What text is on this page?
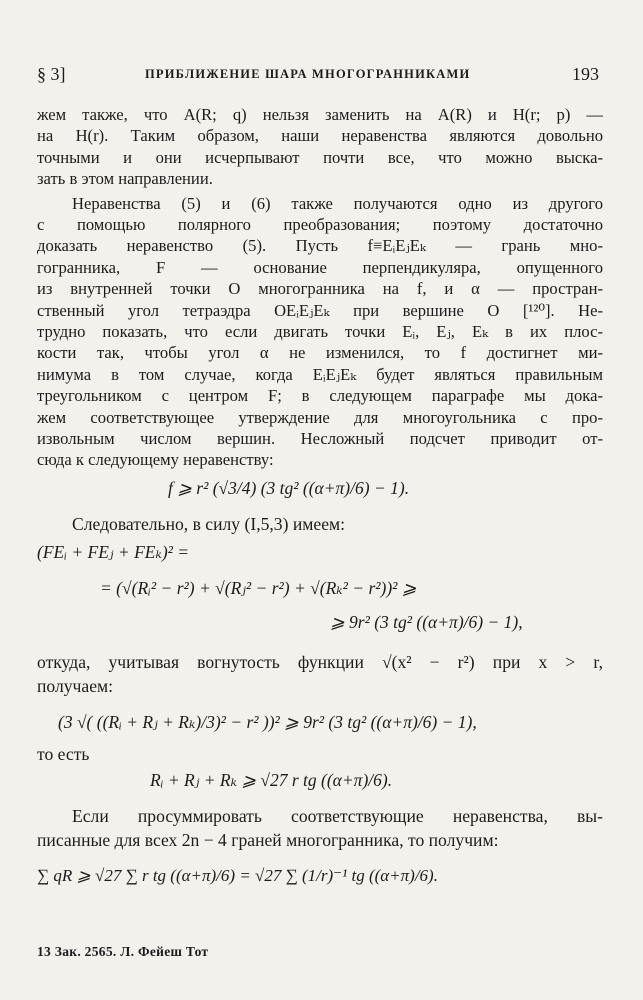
§ 3]	ПРИБЛИЖЕНИЕ ШАРА МНОГОГРАННИКАМИ	193
жем также, что A(R; q) нельзя заменить на A(R) и H(r; p) —
на H(r). Таким образом, наши неравенства являются довольно
точными и они исчерпывают почти все, что можно выска-
зать в этом направлении.
Неравенства (5) и (6) также получаются одно из другого
с помощью полярного преобразования; поэтому достаточно
доказать неравенство (5). Пусть f≡EᵢEⱼEₖ — грань мно-
гогранника, F — основание перпендикуляра, опущенного
из внутренней точки O многогранника на f, и α — простран-
ственный угол тетраэдра OEᵢEⱼEₖ при вершине O [¹²⁰]. Не-
трудно показать, что если двигать точки Eᵢ, Eⱼ, Eₖ в их плос-
кости так, чтобы угол α не изменился, то f достигнет ми-
нимума в том случае, когда EᵢEⱼEₖ будет являться правильным
треугольником с центром F; в следующем параграфе мы дока-
жем соответствующее утверждение для многоугольника с про-
извольным числом вершин. Несложный подсчет приводит от-
сюда к следующему неравенству:
f ⩾ r² (√3/4) (3 tg² ((α+π)/6) − 1).
Следовательно, в силу (I,5,3) имеем:
(FEᵢ + FEⱼ + FEₖ)² =
= (√(Rᵢ² − r²) + √(Rⱼ² − r²) + √(Rₖ² − r²))² ⩾
⩾ 9r² (3 tg² ((α+π)/6) − 1),
откуда, учитывая вогнутость функции √(x² − r²) при x > r,
получаем:
(3 √( ((Rᵢ + Rⱼ + Rₖ)/3)² − r² ))² ⩾ 9r² (3 tg² ((α+π)/6) − 1),
то есть
Rᵢ + Rⱼ + Rₖ ⩾ √27 r tg ((α+π)/6).
13 Зак. 2565. Л. Фейеш Тот
Если просуммировать соответствующие неравенства, вы-
писанные для всех 2n − 4 граней многогранника, то получим:
∑ qR ⩾ √27 ∑ r tg ((α+π)/6) = √27 ∑ (1/r)⁻¹ tg ((α+π)/6).
